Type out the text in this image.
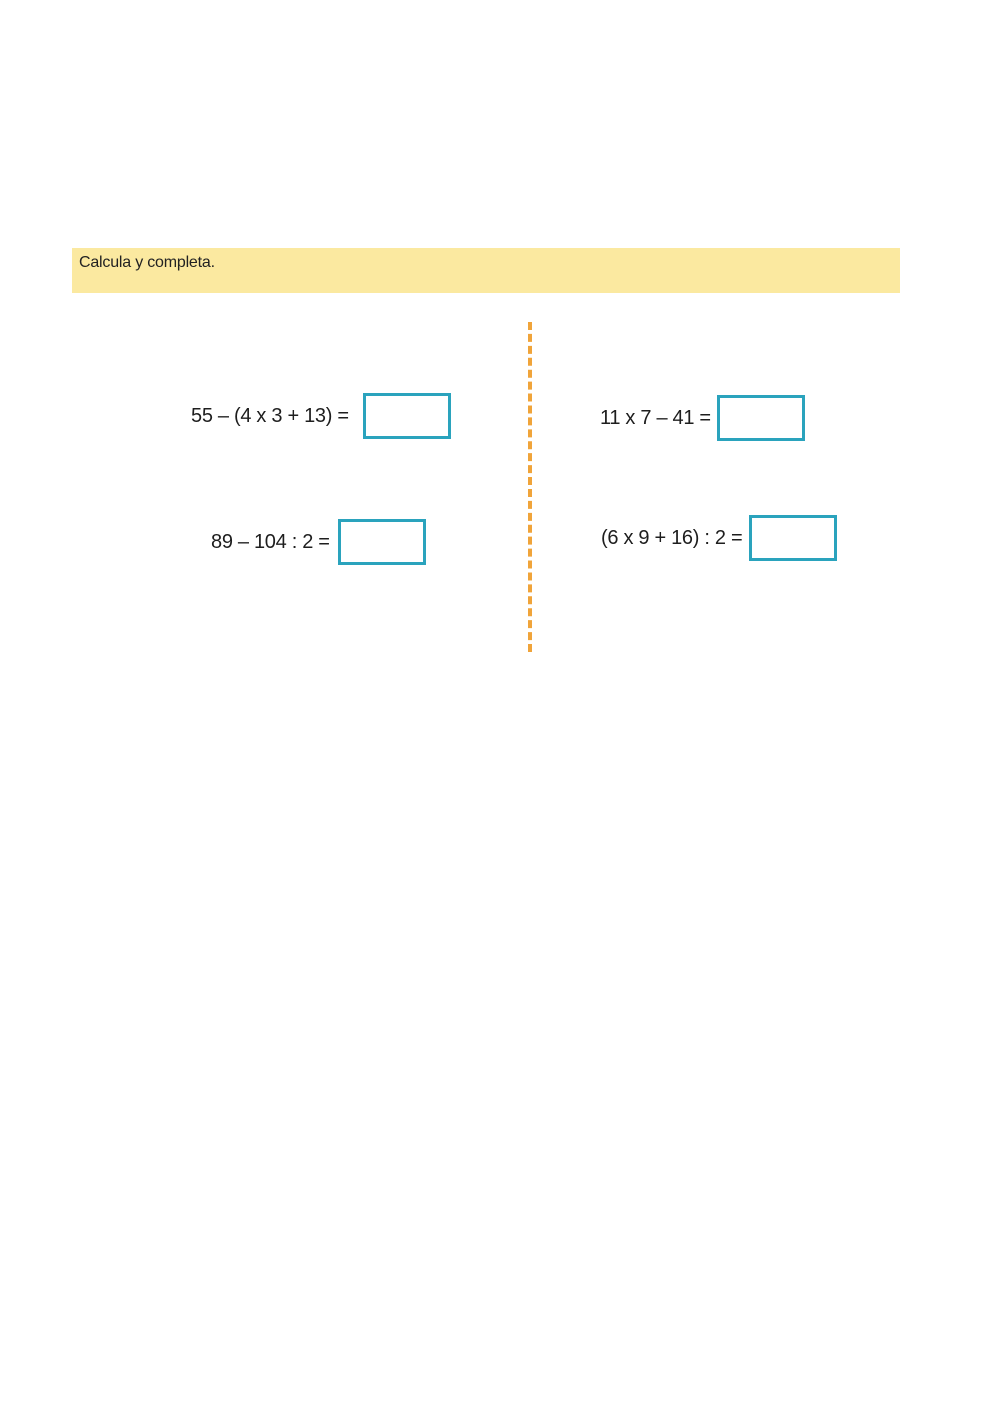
Calcula y completa.
55 – (4 x 3 + 13) =	11 x 7 – 41 =
89 – 104 : 2 =	(6 x 9 + 16) : 2 =
